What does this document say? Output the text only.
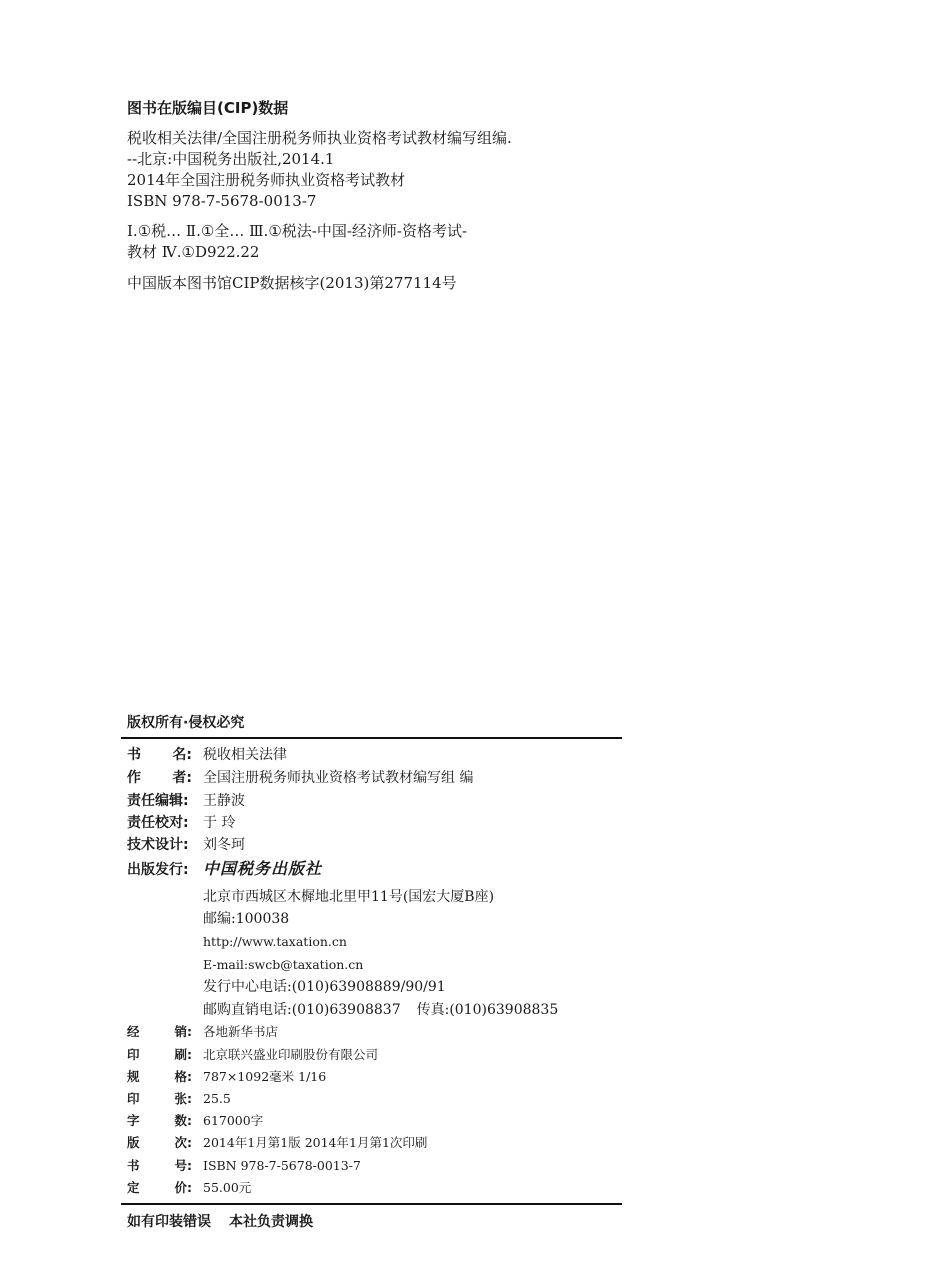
图书在版编目(CIP)数据
税收相关法律/全国注册税务师执业资格考试教材编写组编.
--北京:中国税务出版社,2014.1
2014年全国注册税务师执业资格考试教材
ISBN 978-7-5678-0013-7
Ⅰ.①税… Ⅱ.①全… Ⅲ.①税法-中国-经济师-资格考试-
教材 Ⅳ.①D922.22
中国版本图书馆CIP数据核字(2013)第277114号
版权所有·侵权必究
书 名: 税收相关法律
作 者: 全国注册税务师执业资格考试教材编写组 编
责任编辑: 王静波
责任校对: 于 玲
技术设计: 刘冬珂
出版发行: 中国税务出版社
北京市西城区木樨地北里甲11号(国宏大厦B座)
邮编:100038
http://www.taxation.cn
E-mail:swcb@taxation.cn
发行中心电话:(010)63908889/90/91
邮购直销电话:(010)63908837 传真:(010)63908835
经	销: 各地新华书店
印	刷: 北京联兴盛业印刷股份有限公司
规	格: 787×1092毫米 1/16
印	张: 25.5
字	数: 617000字
版	次: 2014年1月第1版 2014年1月第1次印刷
书	号: ISBN 978-7-5678-0013-7
定	价: 55.00元
如有印装错误 本社负责调换
